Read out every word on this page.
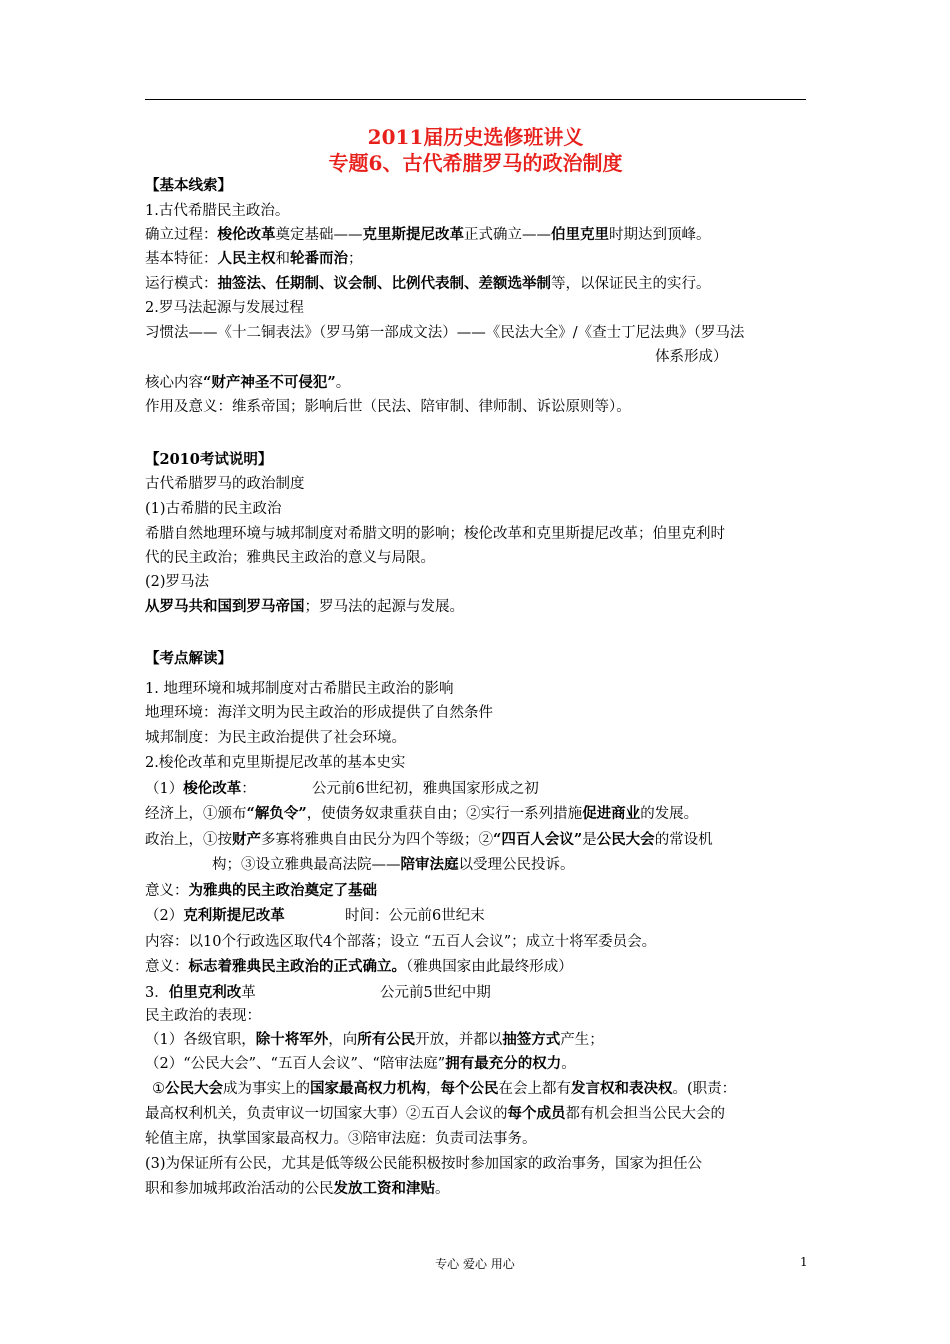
2011届历史选修班讲义
专题6、古代希腊罗马的政治制度
【基本线索】
1.古代希腊民主政治。
确立过程：梭伦改革奠定基础——克里斯提尼改革正式确立——伯里克里时期达到顶峰。
基本特征：人民主权和轮番而治；
运行模式：抽签法、任期制、议会制、比例代表制、差额选举制等，以保证民主的实行。
2.罗马法起源与发展过程
习惯法——《十二铜表法》（罗马第一部成文法）——《民法大全》/《查士丁尼法典》（罗马法
体系形成）
核心内容“财产神圣不可侵犯”。
作用及意义：维系帝国；影响后世（民法、陪审制、律师制、诉讼原则等）。
【2010考试说明】
古代希腊罗马的政治制度
(1)古希腊的民主政治
希腊自然地理环境与城邦制度对希腊文明的影响；梭伦改革和克里斯提尼改革；伯里克利时
代的民主政治；雅典民主政治的意义与局限。
(2)罗马法
从罗马共和国到罗马帝国；罗马法的起源与发展。
【考点解读】
1. 地理环境和城邦制度对古希腊民主政治的影响
地理环境：海洋文明为民主政治的形成提供了自然条件
城邦制度：为民主政治提供了社会环境。
2.梭伦改革和克里斯提尼改革的基本史实
（1）梭伦改革：	公元前6世纪初，雅典国家形成之初
经济上，①颁布“解负令”，使债务奴隶重获自由；②实行一系列措施促进商业的发展。
政治上，①按财产多寡将雅典自由民分为四个等级；②“四百人会议”是公民大会的常设机
构；③设立雅典最高法院——陪审法庭以受理公民投诉。
意义：为雅典的民主政治奠定了基础
（2）克利斯提尼改革	时间：公元前6世纪末
内容：以10个行政选区取代4个部落；设立 “五百人会议”；成立十将军委员会。
意义：标志着雅典民主政治的正式确立。（雅典国家由此最终形成）
3．伯里克利改革	公元前5世纪中期
民主政治的表现：
（1）各级官职，除十将军外，向所有公民开放，并都以抽签方式产生；
（2）“公民大会”、“五百人会议”、“陪审法庭”拥有最充分的权力。
①公民大会成为事实上的国家最高权力机构，每个公民在会上都有发言权和表决权。(职责：
最高权利机关，负责审议一切国家大事）②五百人会议的每个成员都有机会担当公民大会的
轮值主席，执掌国家最高权力。③陪审法庭：负责司法事务。
(3)为保证所有公民，尤其是低等级公民能积极按时参加国家的政治事务，国家为担任公
职和参加城邦政治活动的公民发放工资和津贴。
专心 爱心 用心	1
